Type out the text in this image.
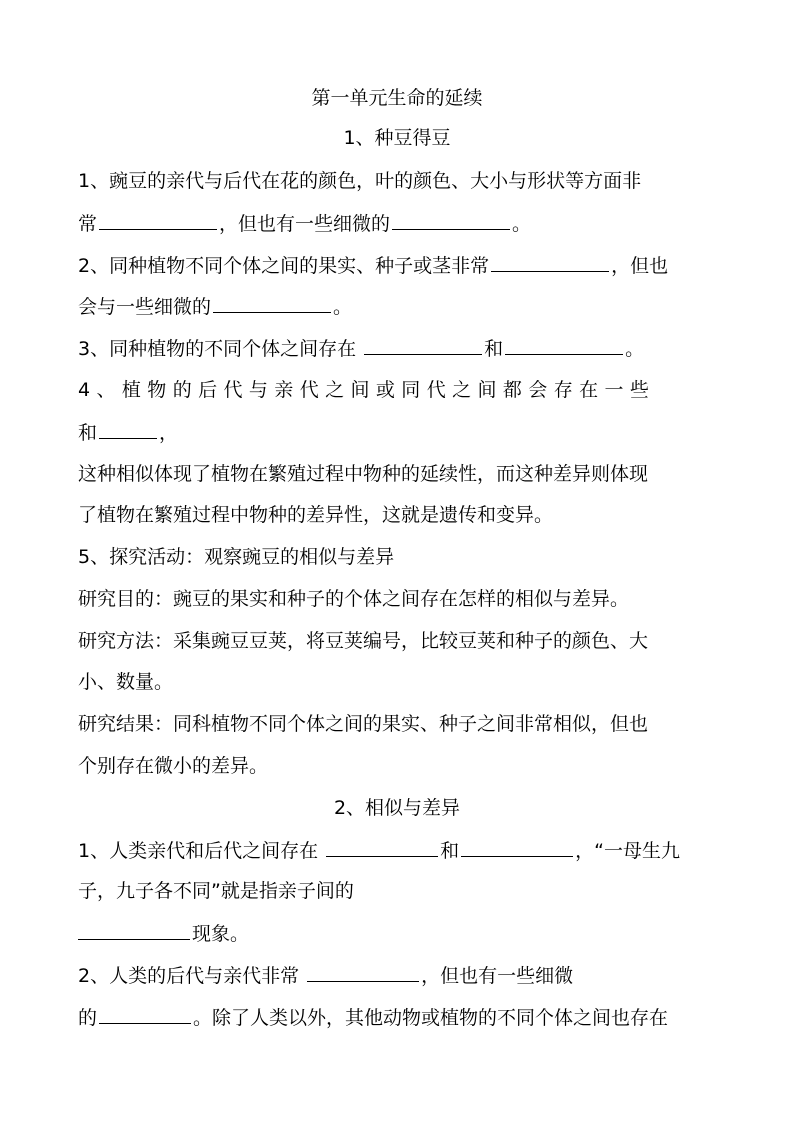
第一单元生命的延续
1、种豆得豆
1、豌豆的亲代与后代在花的颜色，叶的颜色、大小与形状等方面非
常	，但也有一些细微的	。
2、同种植物不同个体之间的果实、种子或茎非常	，但也
会与一些细微的	。
3、同种植物的不同个体之间存在	和	。
4、植物的后代与亲代之间或同代之间都会存在一些
和	，
这种相似体现了植物在繁殖过程中物种的延续性，而这种差异则体现
了植物在繁殖过程中物种的差异性，这就是遗传和变异。
5、探究活动：观察豌豆的相似与差异
研究目的：豌豆的果实和种子的个体之间存在怎样的相似与差异。
研究方法：采集豌豆豆荚，将豆荚编号，比较豆荚和种子的颜色、大
小、数量。
研究结果：同科植物不同个体之间的果实、种子之间非常相似，但也
个别存在微小的差异。
2、相似与差异
1、人类亲代和后代之间存在	和	，“一母生九
子，九子各不同”就是指亲子间的
现象。
2、人类的后代与亲代非常	，但也有一些细微
的	。除了人类以外，其他动物或植物的不同个体之间也存在
